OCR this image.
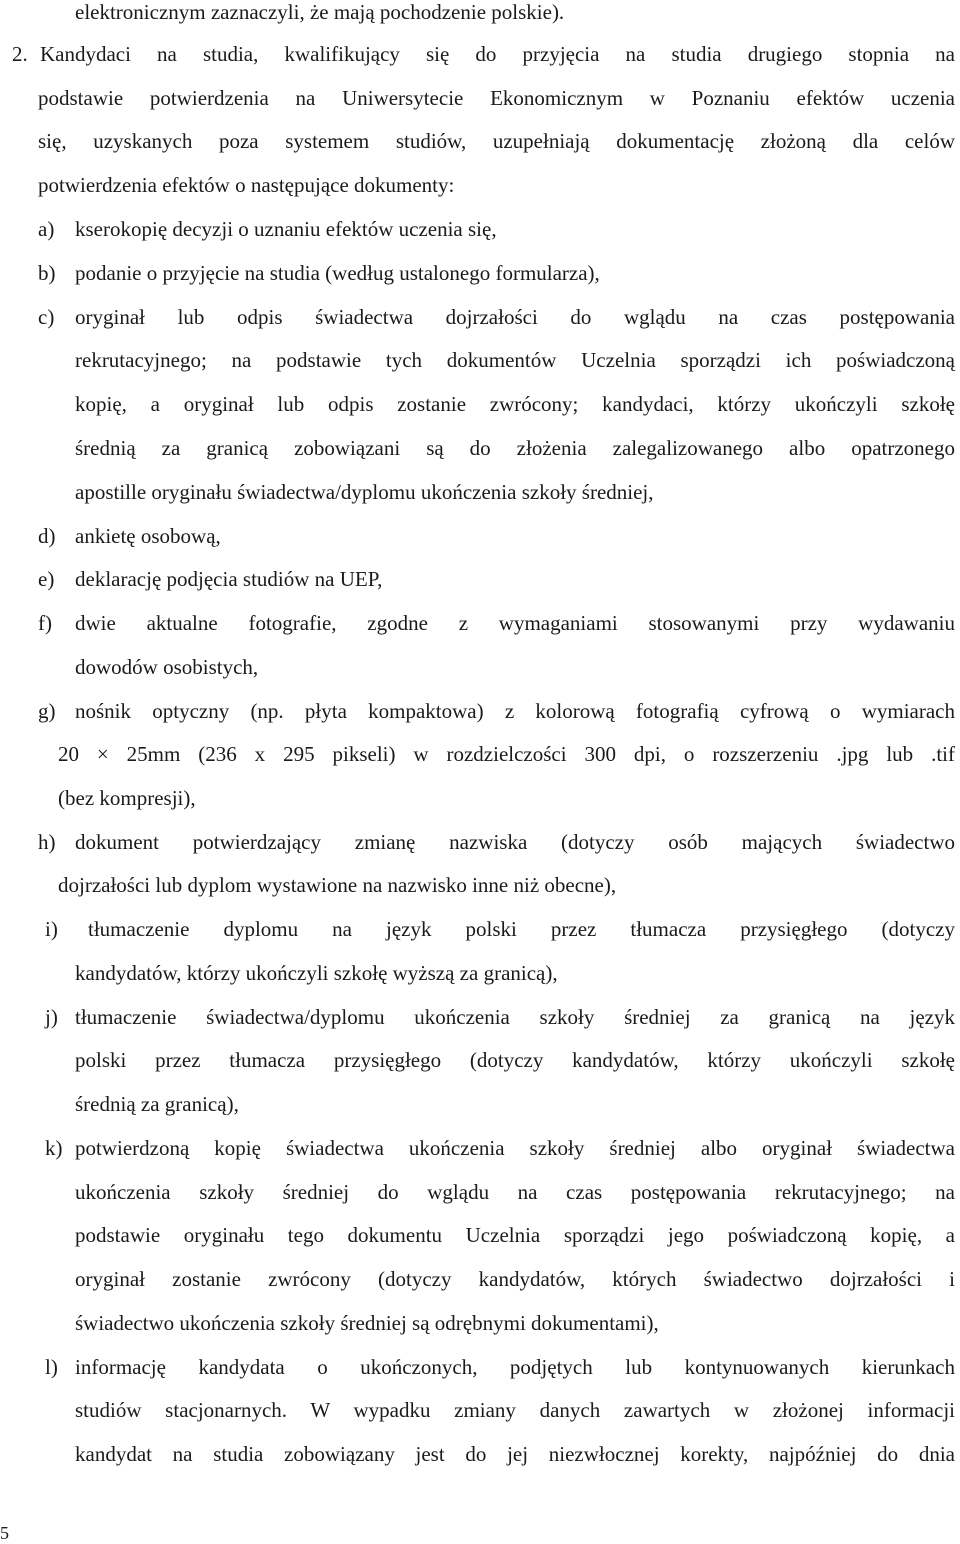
elektronicznym zaznaczyli, że mają pochodzenie polskie).

2. Kandydaci na studia, kwalifikujący się do przyjęcia na studia drugiego stopnia na

podstawie potwierdzenia na Uniwersytecie Ekonomicznym w Poznaniu efektów uczenia

się, uzyskanych poza systemem studiów, uzupełniają dokumentację złożoną dla celów

potwierdzenia efektów o następujące dokumenty:

a) kserokopię decyzji o uznaniu efektów uczenia się,

b) podanie o przyjęcie na studia (według ustalonego formularza),

c) oryginał lub odpis świadectwa dojrzałości do wglądu na czas postępowania

rekrutacyjnego; na podstawie tych dokumentów Uczelnia sporządzi ich poświadczoną

kopię, a oryginał lub odpis zostanie zwrócony; kandydaci, którzy ukończyli szkołę

średnią za granicą zobowiązani są do złożenia zalegalizowanego albo opatrzonego

apostille oryginału świadectwa/dyplomu ukończenia szkoły średniej,

d) ankietę osobową,

e) deklarację podjęcia studiów na UEP,

f) dwie aktualne fotografie, zgodne z wymaganiami stosowanymi przy wydawaniu

dowodów osobistych,

g) nośnik optyczny (np. płyta kompaktowa) z kolorową fotografią cyfrową o wymiarach

20 × 25mm (236 x 295 pikseli) w rozdzielczości 300 dpi, o rozszerzeniu .jpg lub .tif

(bez kompresji),

h) dokument potwierdzający zmianę nazwiska (dotyczy osób mających świadectwo

dojrzałości lub dyplom wystawione na nazwisko inne niż obecne),

i) tłumaczenie dyplomu na język polski przez tłumacza przysięgłego (dotyczy

kandydatów, którzy ukończyli szkołę wyższą za granicą),

j) tłumaczenie świadectwa/dyplomu ukończenia szkoły średniej za granicą na język

polski przez tłumacza przysięgłego (dotyczy kandydatów, którzy ukończyli szkołę

średnią za granicą),

k) potwierdzoną kopię świadectwa ukończenia szkoły średniej albo oryginał świadectwa

ukończenia szkoły średniej do wglądu na czas postępowania rekrutacyjnego; na

podstawie oryginału tego dokumentu Uczelnia sporządzi jego poświadczoną kopię, a

oryginał zostanie zwrócony (dotyczy kandydatów, których świadectwo dojrzałości i

świadectwo ukończenia szkoły średniej są odrębnymi dokumentami),

l) informację kandydata o ukończonych, podjętych lub kontynuowanych kierunkach

studiów stacjonarnych. W wypadku zmiany danych zawartych w złożonej informacji

kandydat na studia zobowiązany jest do jej niezwłocznej korekty, najpóźniej do dnia

5
